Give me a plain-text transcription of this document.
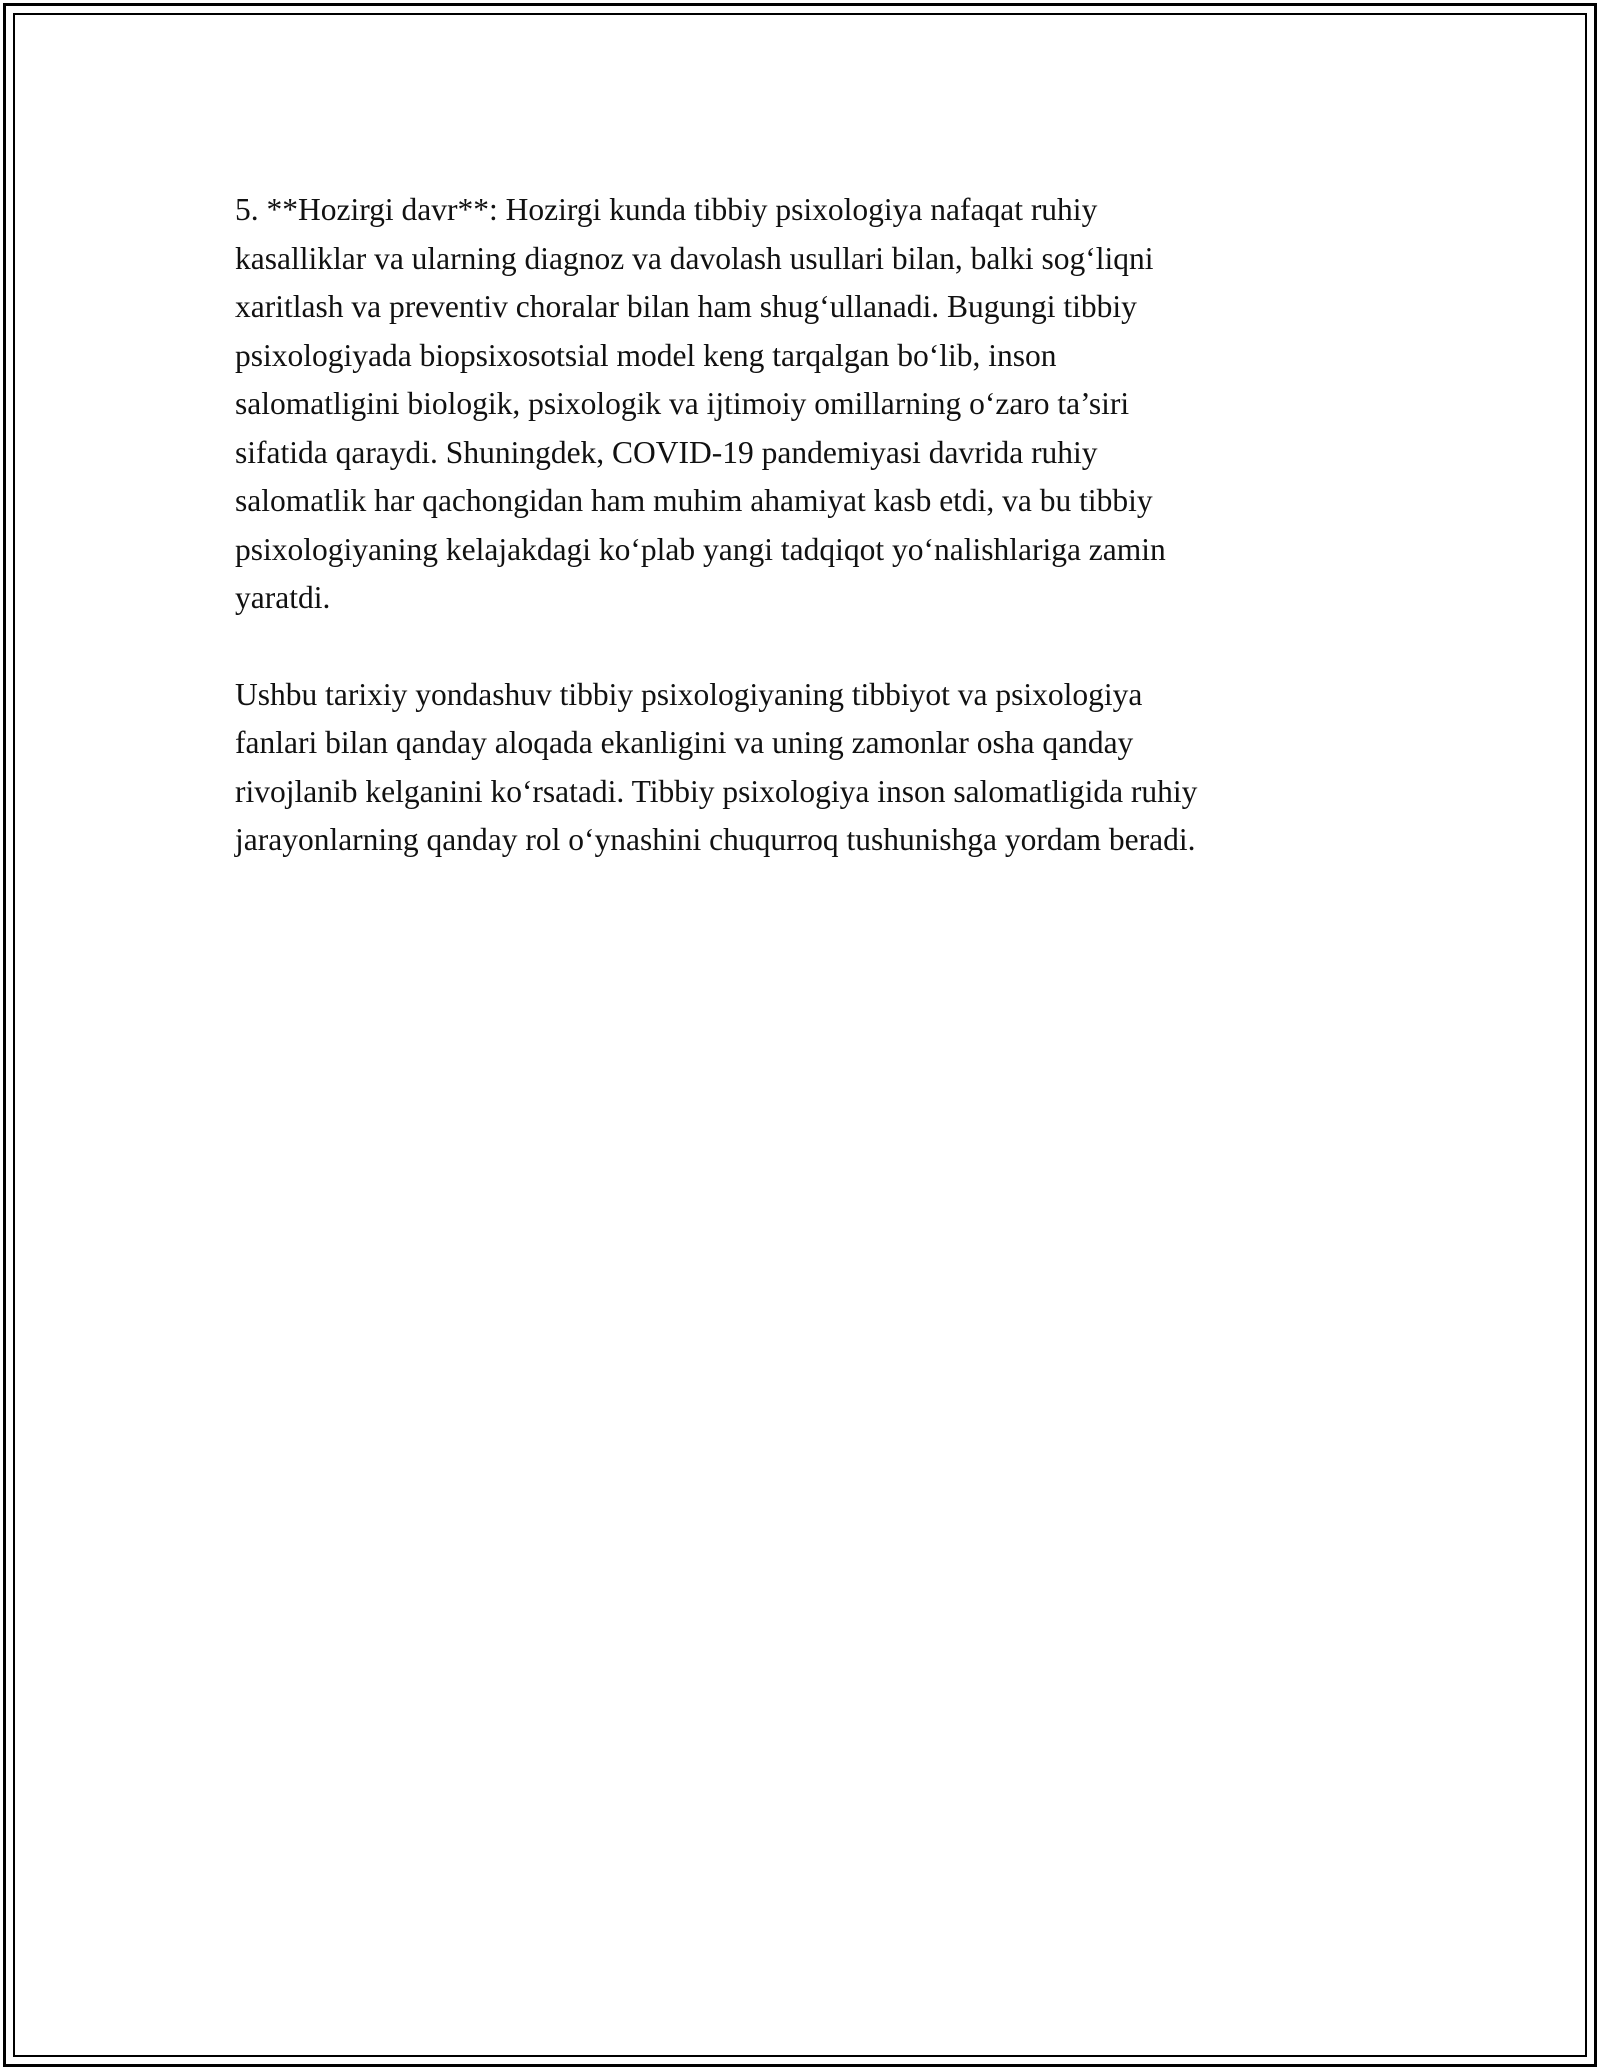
5. **Hozirgi davr**: Hozirgi kunda tibbiy psixologiya nafaqat ruhiy
kasalliklar va ularning diagnoz va davolash usullari bilan, balki sog‘liqni
xaritlash va preventiv choralar bilan ham shug‘ullanadi. Bugungi tibbiy
psixologiyada biopsixosotsial model keng tarqalgan bo‘lib, inson
salomatligini biologik, psixologik va ijtimoiy omillarning o‘zaro ta’siri
sifatida qaraydi. Shuningdek, COVID-19 pandemiyasi davrida ruhiy
salomatlik har qachongidan ham muhim ahamiyat kasb etdi, va bu tibbiy
psixologiyaning kelajakdagi ko‘plab yangi tadqiqot yo‘nalishlariga zamin
yaratdi.

Ushbu tarixiy yondashuv tibbiy psixologiyaning tibbiyot va psixologiya
fanlari bilan qanday aloqada ekanligini va uning zamonlar osha qanday
rivojlanib kelganini ko‘rsatadi. Tibbiy psixologiya inson salomatligida ruhiy
jarayonlarning qanday rol o‘ynashini chuqurroq tushunishga yordam beradi.
